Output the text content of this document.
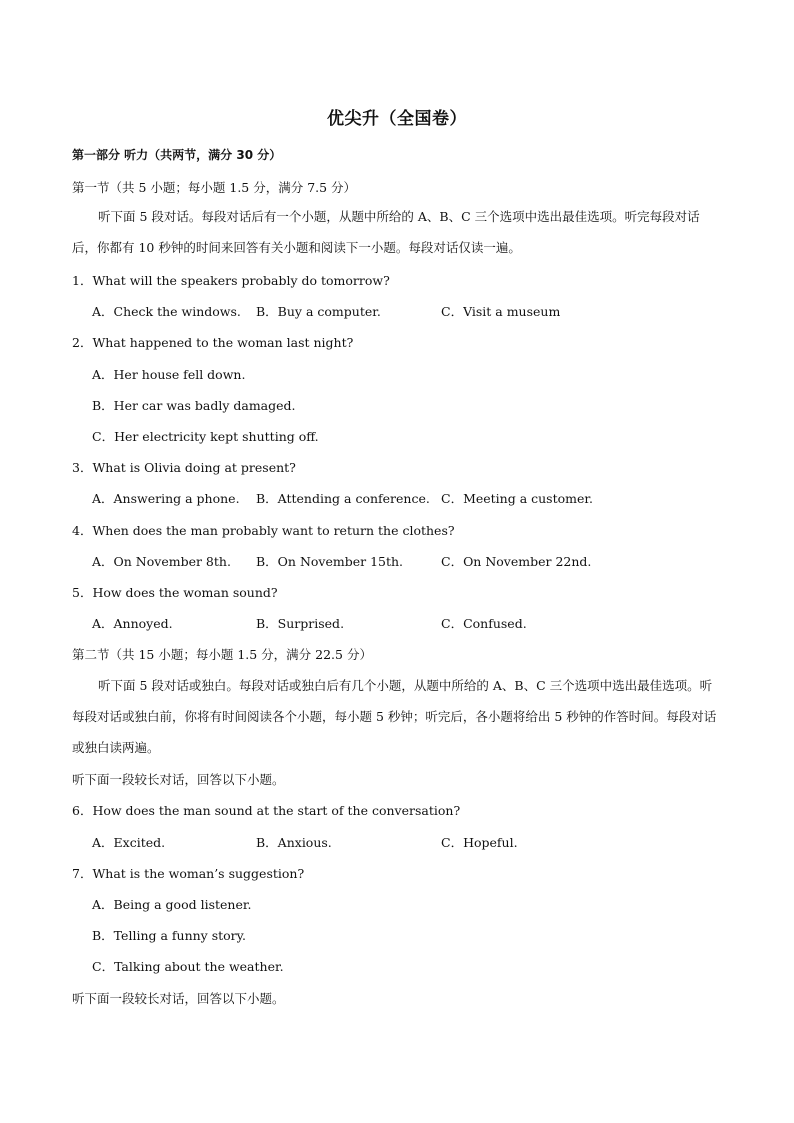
优尖升（全国卷）
第一部分 听力（共两节，满分 30 分）
第一节（共 5 小题；每小题 1.5 分，满分 7.5 分）
听下面 5 段对话。每段对话后有一个小题，从题中所给的 A、B、C 三个选项中选出最佳选项。听完每段对话后，你都有 10 秒钟的时间来回答有关小题和阅读下一小题。每段对话仅读一遍。
1．What will the speakers probably do tomorrow?
A．Check the windows. B．Buy a computer.	C．Visit a museum
2．What happened to the woman last night?
A．Her house fell down.
B．Her car was badly damaged.
C．Her electricity kept shutting off.
3．What is Olivia doing at present?
A．Answering a phone. B．Attending a conference. C．Meeting a customer.
4．When does the man probably want to return the clothes?
A．On November 8th. B．On November 15th.	C．On November 22nd.
5．How does the woman sound?
A．Annoyed.	B．Surprised.	C．Confused.
第二节（共 15 小题；每小题 1.5 分，满分 22.5 分）
听下面 5 段对话或独白。每段对话或独白后有几个小题，从题中所给的 A、B、C 三个选项中选出最佳选项。听每段对话或独白前，你将有时间阅读各个小题，每小题 5 秒钟；听完后，各小题将给出 5 秒钟的作答时间。每段对话或独白读两遍。
听下面一段较长对话，回答以下小题。
6．How does the man sound at the start of the conversation?
A．Excited.	B．Anxious.	C．Hopeful.
7．What is the woman’s suggestion?
A．Being a good listener.
B．Telling a funny story.
C．Talking about the weather.
听下面一段较长对话，回答以下小题。
